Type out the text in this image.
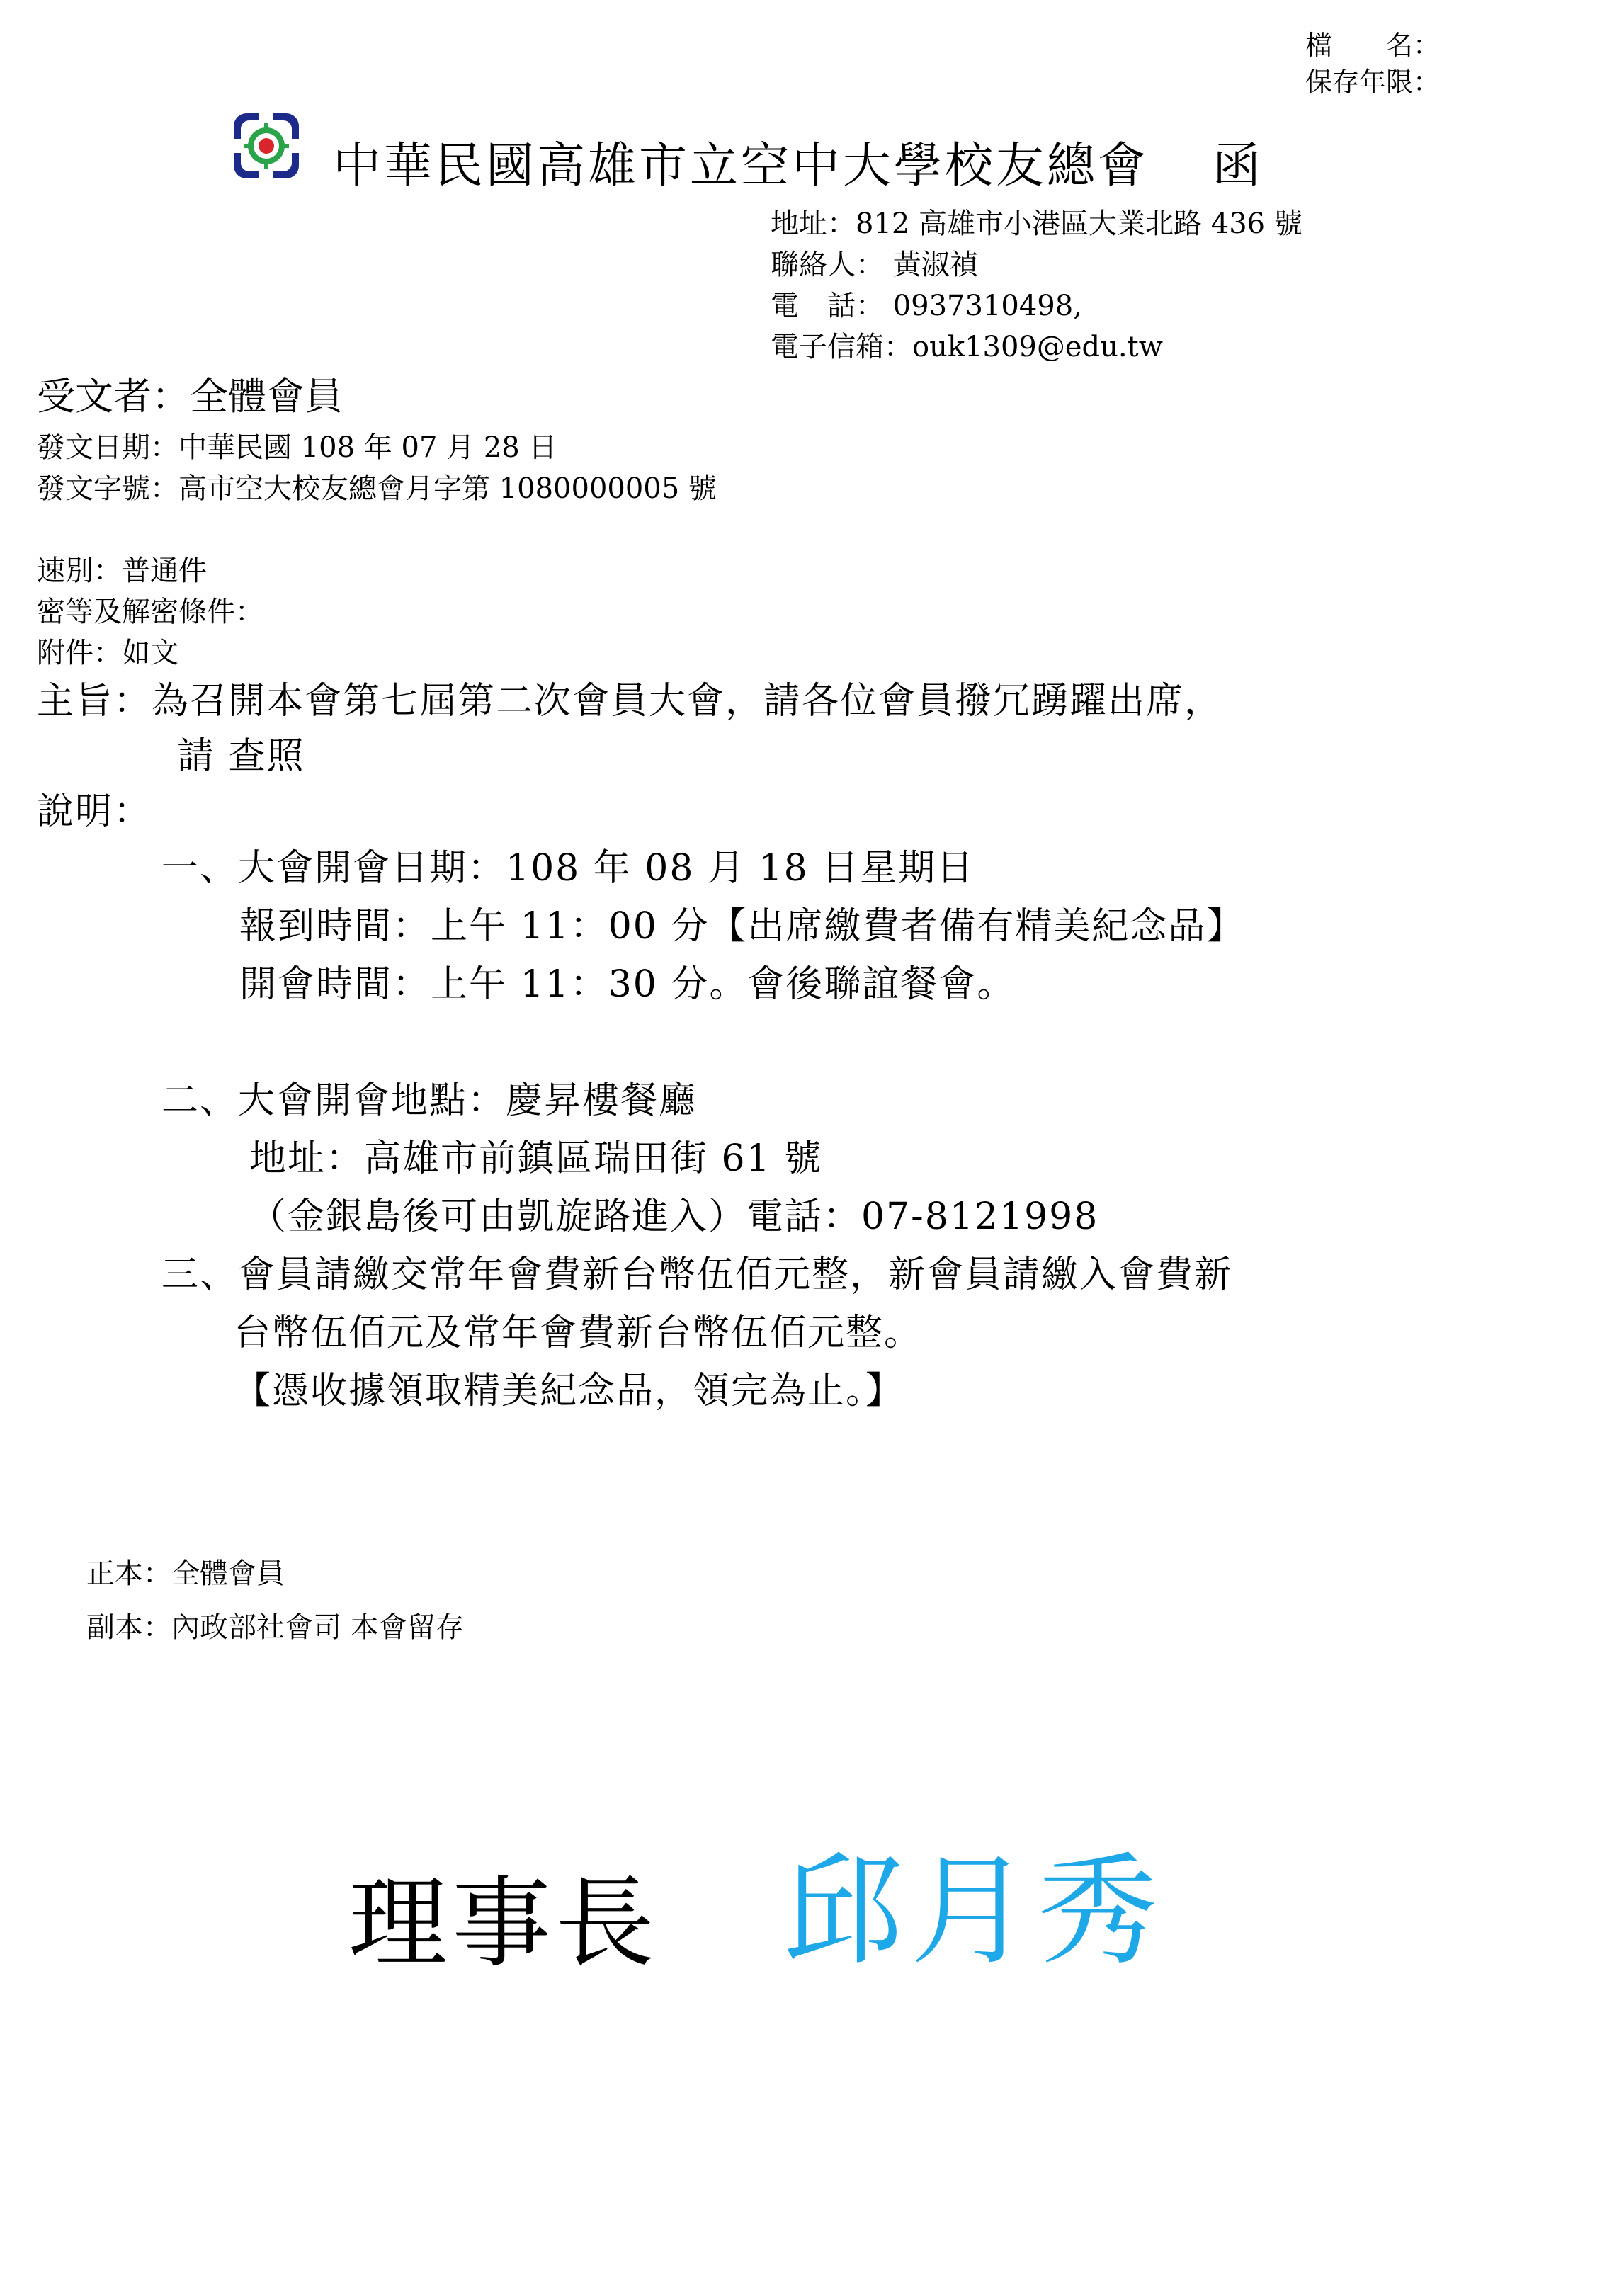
檔　　名：
保存年限：
中華民國高雄市立空中大學校友總會 函
地址：812 高雄市小港區大業北路 436 號
聯絡人： 黃淑禎
電　話： 0937310498,
電子信箱：ouk1309@edu.tw
受文者：全體會員
發文日期：中華民國 108 年 07 月 28 日
發文字號：高市空大校友總會月字第 1080000005 號
速別：普通件
密等及解密條件：
附件：如文
主旨：為召開本會第七屆第二次會員大會，請各位會員撥冗踴躍出席，
請 查照
說明：
一、大會開會日期：108 年 08 月 18 日星期日
報到時間：上午 11：00 分【出席繳費者備有精美紀念品】
開會時間：上午 11：30 分。會後聯誼餐會。
二、大會開會地點：慶昇樓餐廳
地址：高雄市前鎮區瑞田街 61 號
（金銀島後可由凱旋路進入）電話：07-8121998
三、會員請繳交常年會費新台幣伍佰元整，新會員請繳入會費新
台幣伍佰元及常年會費新台幣伍佰元整。
【憑收據領取精美紀念品，領完為止。】
正本：全體會員
副本：內政部社會司 本會留存
理事長 邱月秀
